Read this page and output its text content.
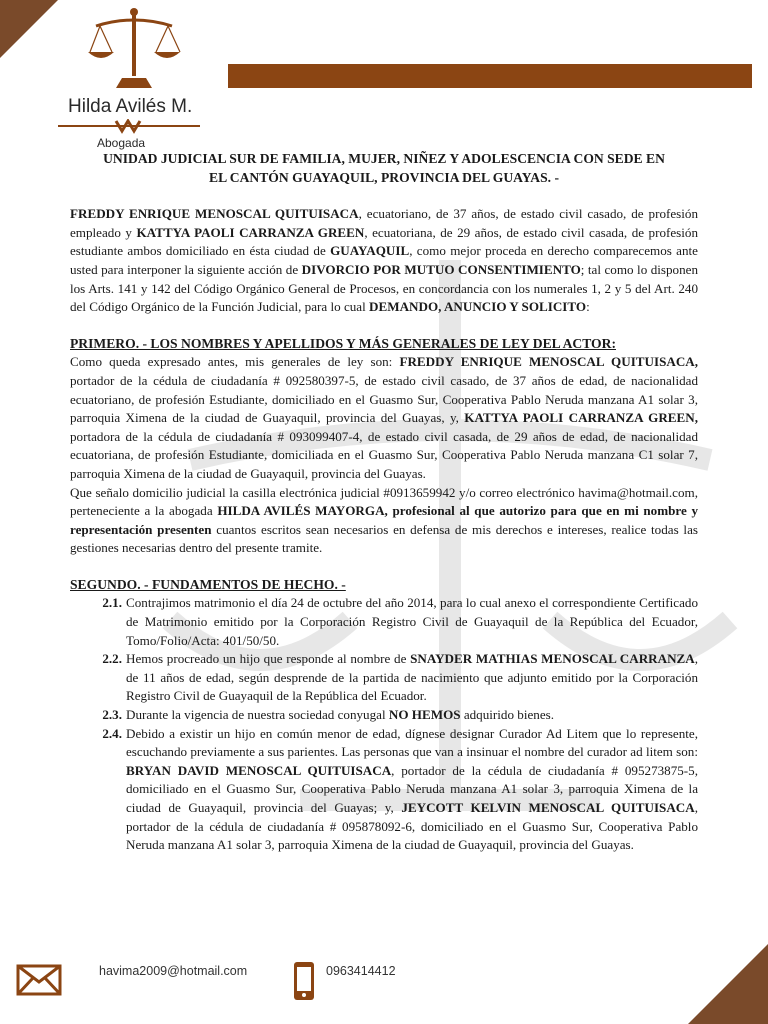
Hilda Avilés M.
Abogada
UNIDAD JUDICIAL SUR DE FAMILIA, MUJER, NIÑEZ Y ADOLESCENCIA CON SEDE EN
EL CANTÓN GUAYAQUIL, PROVINCIA DEL GUAYAS. -

FREDDY ENRIQUE MENOSCAL QUITUISACA, ecuatoriano, de 37 años, de estado civil casado, de profesión empleado y KATTYA PAOLI CARRANZA GREEN, ecuatoriana, de 29 años, de estado civil casada, de profesión estudiante ambos domiciliado en ésta ciudad de GUAYAQUIL, como mejor proceda en derecho comparecemos ante usted para interponer la siguiente acción de DIVORCIO POR MUTUO CONSENTIMIENTO; tal como lo disponen los Arts. 141 y 142 del Código Orgánico General de Procesos, en concordancia con los numerales 1, 2 y 5 del Art. 240 del Código Orgánico de la Función Judicial, para lo cual DEMANDO, ANUNCIO Y SOLICITO:

PRIMERO. - LOS NOMBRES Y APELLIDOS Y MÁS GENERALES DE LEY DEL ACTOR:

Como queda expresado antes, mis generales de ley son: FREDDY ENRIQUE MENOSCAL QUITUISACA, portador de la cédula de ciudadanía # 092580397-5, de estado civil casado, de 37 años de edad, de nacionalidad ecuatoriano, de profesión Estudiante, domiciliado en el Guasmo Sur, Cooperativa Pablo Neruda manzana A1 solar 3, parroquia Ximena de la ciudad de Guayaquil, provincia del Guayas, y, KATTYA PAOLI CARRANZA GREEN, portadora de la cédula de ciudadanía # 093099407-4, de estado civil casada, de 29 años de edad, de nacionalidad ecuatoriana, de profesión Estudiante, domiciliada en el Guasmo Sur, Cooperativa Pablo Neruda manzana C1 solar 7, parroquia Ximena de la ciudad de Guayaquil, provincia del Guayas.

Que señalo domicilio judicial la casilla electrónica judicial #0913659942 y/o correo electrónico havima@hotmail.com, perteneciente a la abogada HILDA AVILÉS MAYORGA, profesional al que autorizo para que en mi nombre y representación presenten cuantos escritos sean necesarios en defensa de mis derechos e intereses, realice todas las gestiones necesarias dentro del presente tramite.

SEGUNDO. - FUNDAMENTOS DE HECHO. -
2.1. Contrajimos matrimonio el día 24 de octubre del año 2014, para lo cual anexo el correspondiente Certificado de Matrimonio emitido por la Corporación Registro Civil de Guayaquil de la República del Ecuador, Tomo/Folio/Acta: 401/50/50.
2.2. Hemos procreado un hijo que responde al nombre de SNAYDER MATHIAS MENOSCAL CARRANZA, de 11 años de edad, según desprende de la partida de nacimiento que adjunto emitido por la Corporación Registro Civil de Guayaquil de la República del Ecuador.
2.3. Durante la vigencia de nuestra sociedad conyugal NO HEMOS adquirido bienes.
2.4. Debido a existir un hijo en común menor de edad, dígnese designar Curador Ad Litem que lo represente, escuchando previamente a sus parientes. Las personas que van a insinuar el nombre del curador ad litem son: BRYAN DAVID MENOSCAL QUITUISACA, portador de la cédula de ciudadanía # 095273875-5, domiciliado en el Guasmo Sur, Cooperativa Pablo Neruda manzana A1 solar 3, parroquia Ximena de la ciudad de Guayaquil, provincia del Guayas; y, JEYCOTT KELVIN MENOSCAL QUITUISACA, portador de la cédula de ciudadanía # 095878092-6, domiciliado en el Guasmo Sur, Cooperativa Pablo Neruda manzana A1 solar 3, parroquia Ximena de la ciudad de Guayaquil, provincia del Guayas.
havima2009@hotmail.com	0963414412
